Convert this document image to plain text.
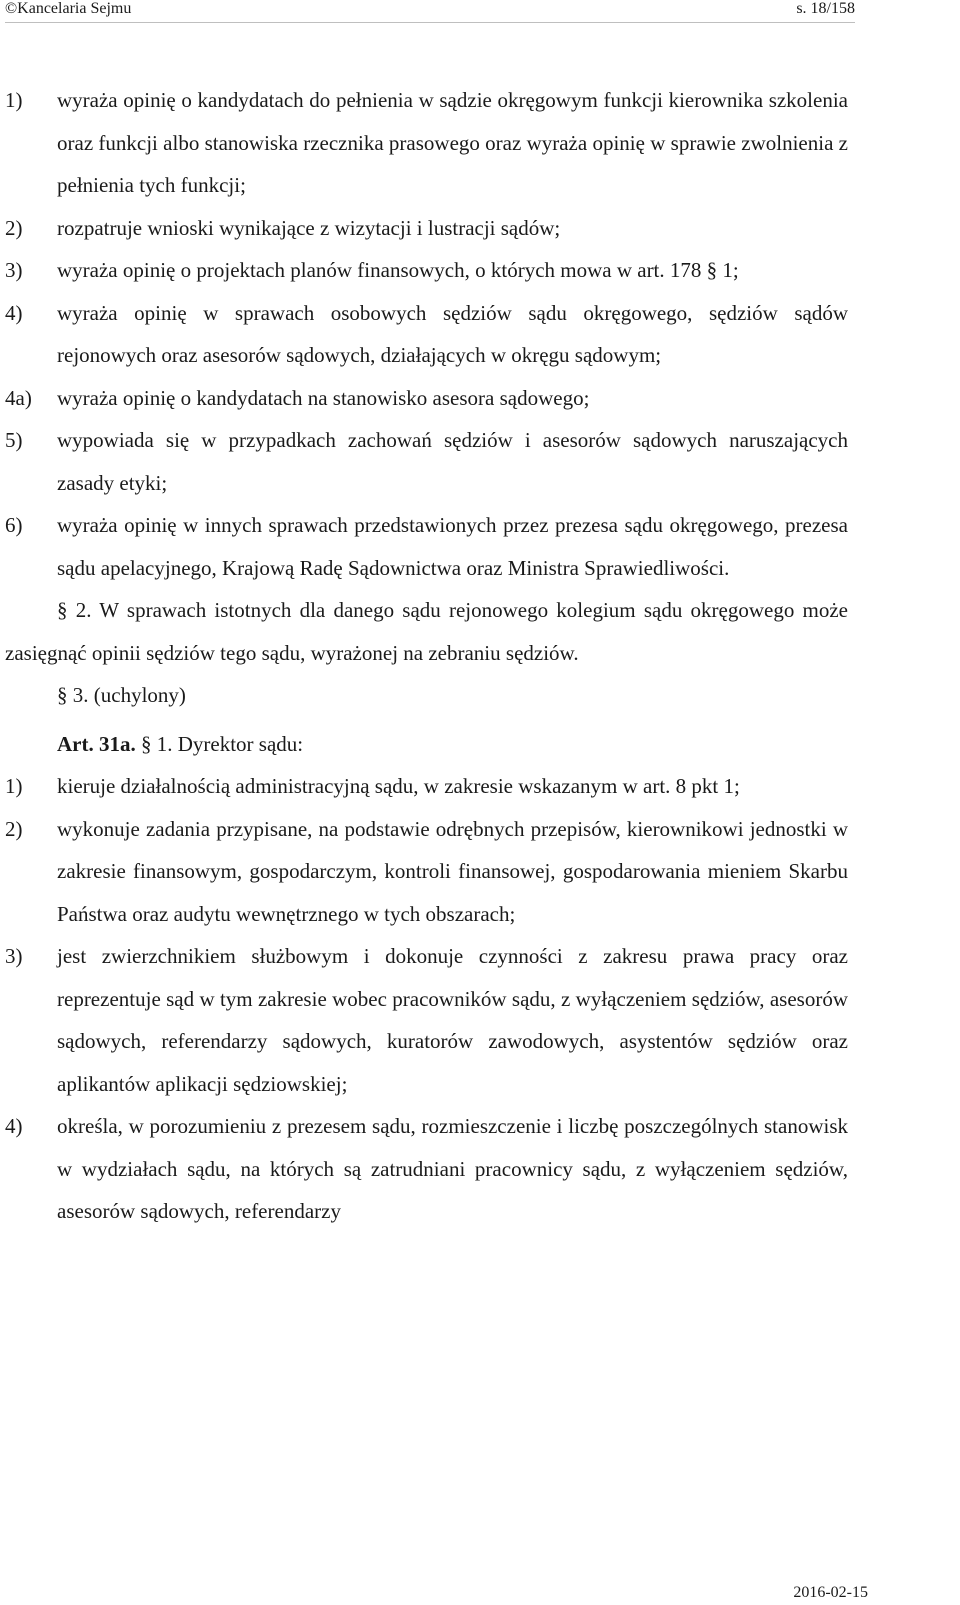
©Kancelaria Sejmu	s. 18/158
1) wyraża opinię o kandydatach do pełnienia w sądzie okręgowym funkcji kierownika szkolenia oraz funkcji albo stanowiska rzecznika prasowego oraz wyraża opinię w sprawie zwolnienia z pełnienia tych funkcji;
2) rozpatruje wnioski wynikające z wizytacji i lustracji sądów;
3) wyraża opinię o projektach planów finansowych, o których mowa w art. 178 § 1;
4) wyraża opinię w sprawach osobowych sędziów sądu okręgowego, sędziów sądów rejonowych oraz asesorów sądowych, działających w okręgu sądowym;
4a) wyraża opinię o kandydatach na stanowisko asesora sądowego;
5) wypowiada się w przypadkach zachowań sędziów i asesorów sądowych naruszających zasady etyki;
6) wyraża opinię w innych sprawach przedstawionych przez prezesa sądu okręgowego, prezesa sądu apelacyjnego, Krajową Radę Sądownictwa oraz Ministra Sprawiedliwości.
§ 2. W sprawach istotnych dla danego sądu rejonowego kolegium sądu okręgowego może zasięgnąć opinii sędziów tego sądu, wyrażonej na zebraniu sędziów.
§ 3. (uchylony)
Art. 31a. § 1. Dyrektor sądu:
1) kieruje działalnością administracyjną sądu, w zakresie wskazanym w art. 8 pkt 1;
2) wykonuje zadania przypisane, na podstawie odrębnych przepisów, kierownikowi jednostki w zakresie finansowym, gospodarczym, kontroli finansowej, gospodarowania mieniem Skarbu Państwa oraz audytu wewnętrznego w tych obszarach;
3) jest zwierzchnikiem służbowym i dokonuje czynności z zakresu prawa pracy oraz reprezentuje sąd w tym zakresie wobec pracowników sądu, z wyłączeniem sędziów, asesorów sądowych, referendarzy sądowych, kuratorów zawodowych, asystentów sędziów oraz aplikantów aplikacji sędziowskiej;
4) określa, w porozumieniu z prezesem sądu, rozmieszczenie i liczbę poszczególnych stanowisk w wydziałach sądu, na których są zatrudniani pracownicy sądu, z wyłączeniem sędziów, asesorów sądowych, referendarzy
2016-02-15
